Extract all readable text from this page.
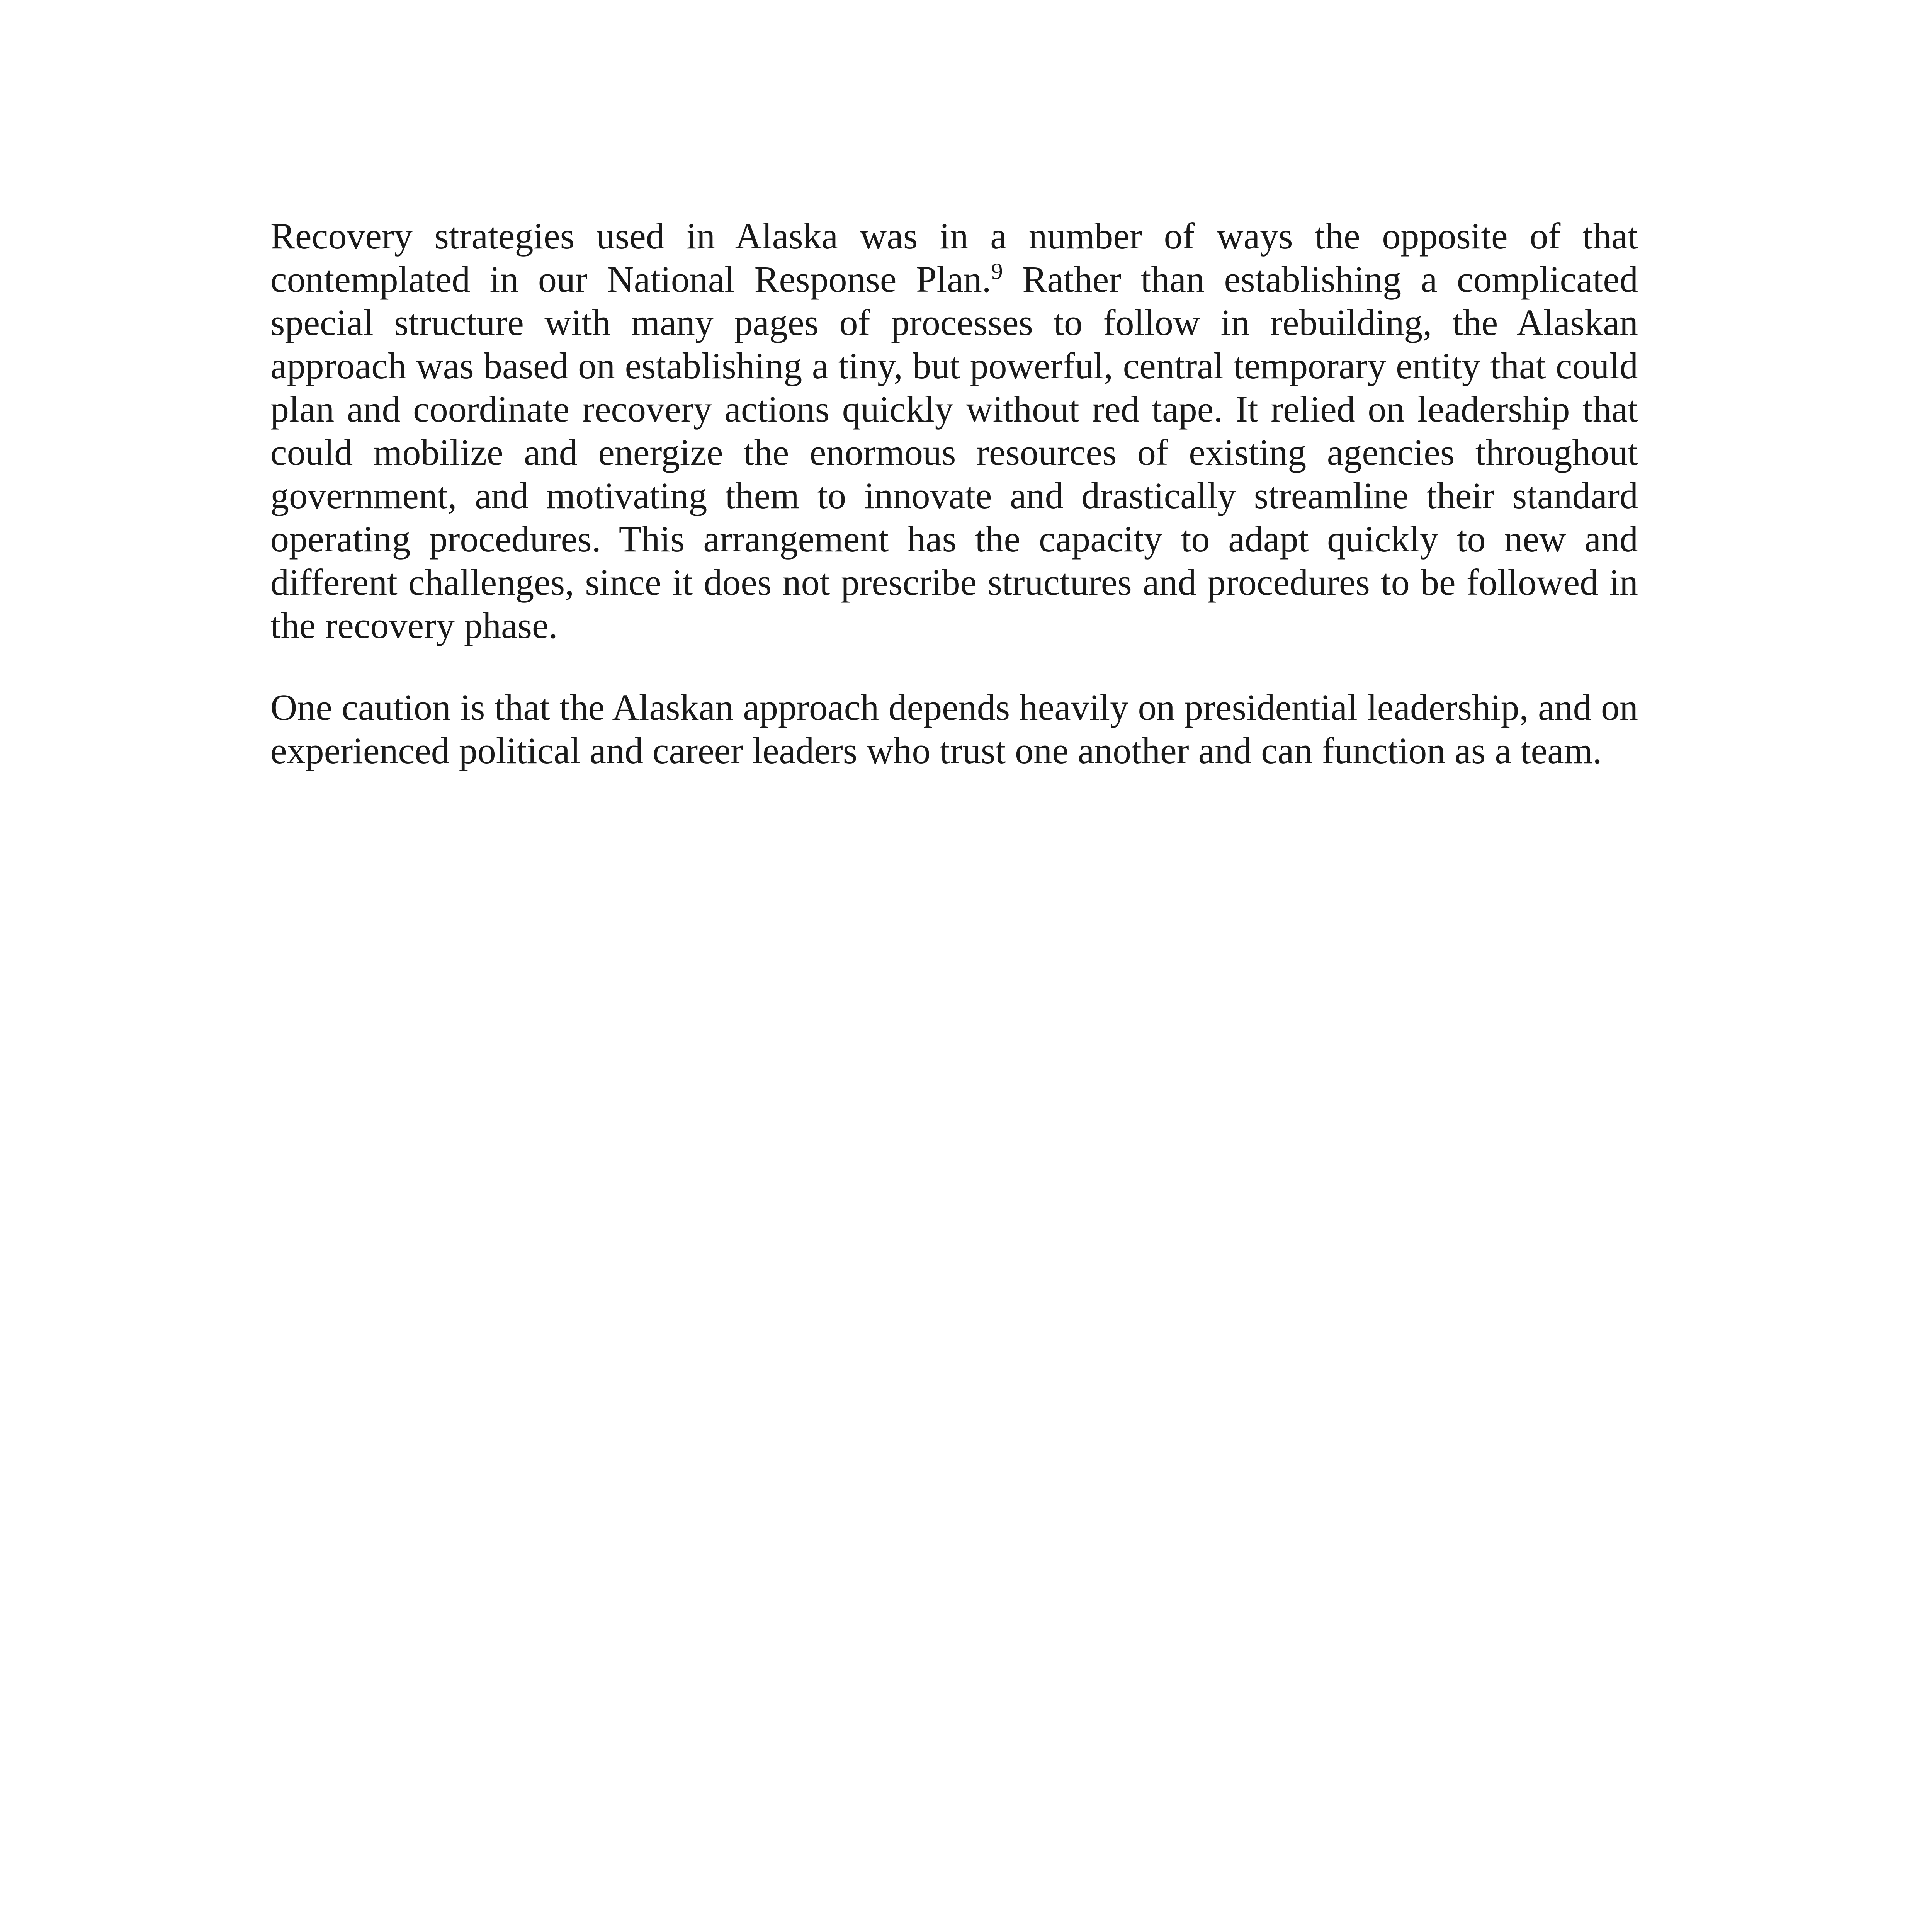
Recovery strategies used in Alaska was in a number of ways the opposite of that contemplated in our National Response Plan.$^9$ Rather than establishing a complicated special structure with many pages of processes to follow in rebuilding, the Alaskan approach was based on establishing a tiny, but powerful, central temporary entity that could plan and coordinate recovery actions quickly without red tape. It relied on leadership that could mobilize and energize the enormous resources of existing agencies throughout government, and motivating them to innovate and drastically streamline their standard operating procedures. This arrangement has the capacity to adapt quickly to new and different challenges, since it does not prescribe structures and procedures to be followed in the recovery phase.

One caution is that the Alaskan approach depends heavily on presidential leadership, and on experienced political and career leaders who trust one another and can function as a team.
